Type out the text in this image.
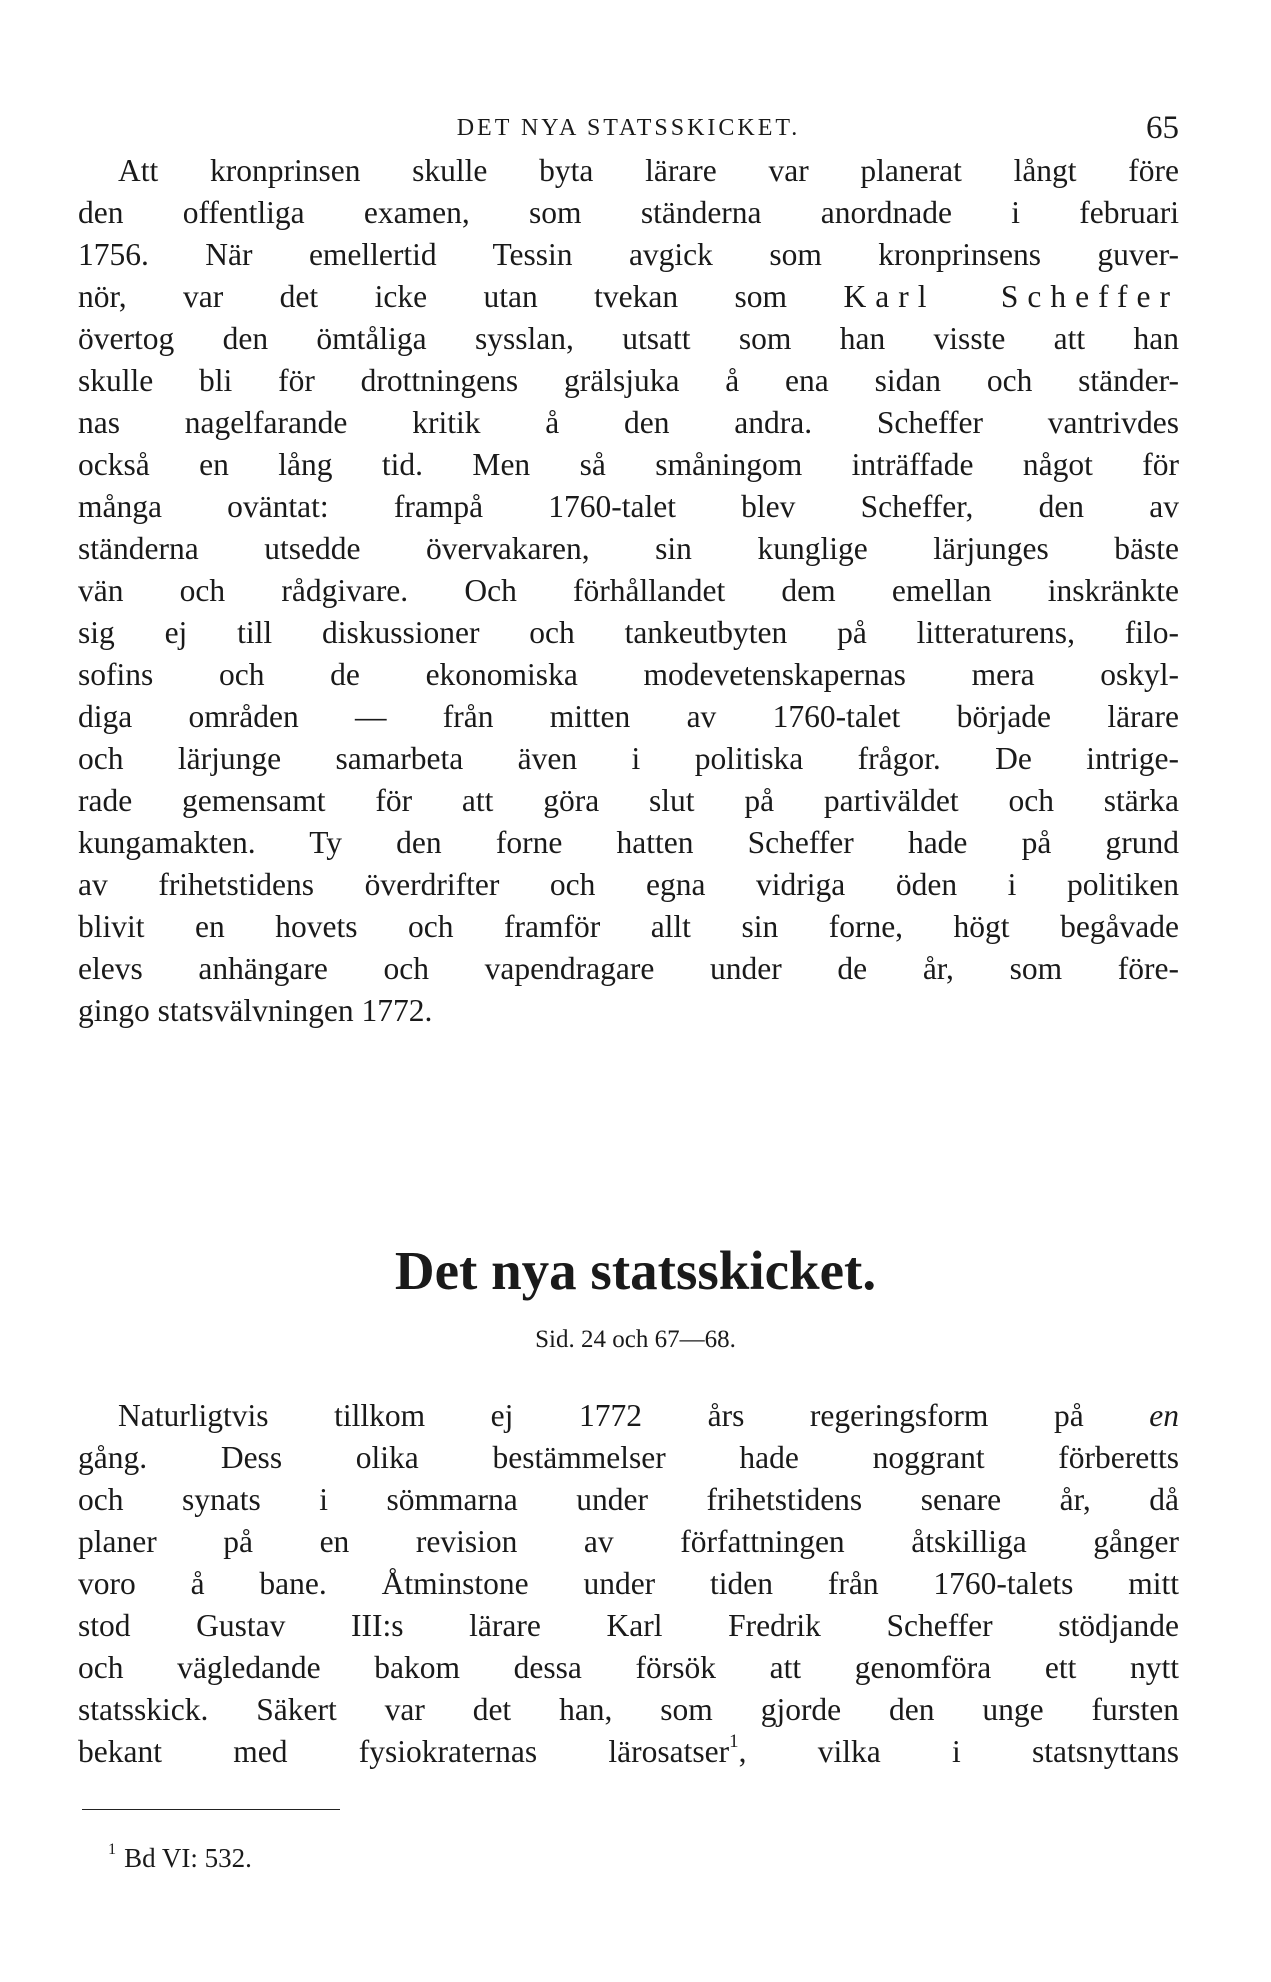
DET NYA STATSSKICKET.	65
Att kronprinsen skulle byta lärare var planerat långt före
den offentliga examen, som ständerna anordnade i februari
1756. När emellertid Tessin avgick som kronprinsens guver-
nör, var det icke utan tvekan som Karl Scheffer
övertog den ömtåliga sysslan, utsatt som han visste att han
skulle bli för drottningens grälsjuka å ena sidan och ständer-
nas nagelfarande kritik å den andra. Scheffer vantrivdes
också en lång tid. Men så småningom inträffade något för
många oväntat: frampå 1760-talet blev Scheffer, den av
ständerna utsedde övervakaren, sin kunglige lärjunges bäste
vän och rådgivare. Och förhållandet dem emellan inskränkte
sig ej till diskussioner och tankeutbyten på litteraturens, filo-
sofins och de ekonomiska modevetenskapernas mera oskyl-
diga områden — från mitten av 1760-talet började lärare
och lärjunge samarbeta även i politiska frågor. De intrige-
rade gemensamt för att göra slut på partiväldet och stärka
kungamakten. Ty den forne hatten Scheffer hade på grund
av frihetstidens överdrifter och egna vidriga öden i politiken
blivit en hovets och framför allt sin forne, högt begåvade
elevs anhängare och vapendragare under de år, som före-
gingo statsvälvningen 1772.
Det nya statsskicket.
Sid. 24 och 67—68.
Naturligtvis tillkom ej 1772 års regeringsform på en
gång. Dess olika bestämmelser hade noggrant förberetts
och synats i sömmarna under frihetstidens senare år, då
planer på en revision av författningen åtskilliga gånger
voro å bane. Åtminstone under tiden från 1760-talets mitt
stod Gustav III:s lärare Karl Fredrik Scheffer stödjande
och vägledande bakom dessa försök att genomföra ett nytt
statsskick. Säkert var det han, som gjorde den unge fursten
bekant med fysiokraternas lärosatser$^1$, vilka i statsnyttans
$^1$ Bd VI: 532.
